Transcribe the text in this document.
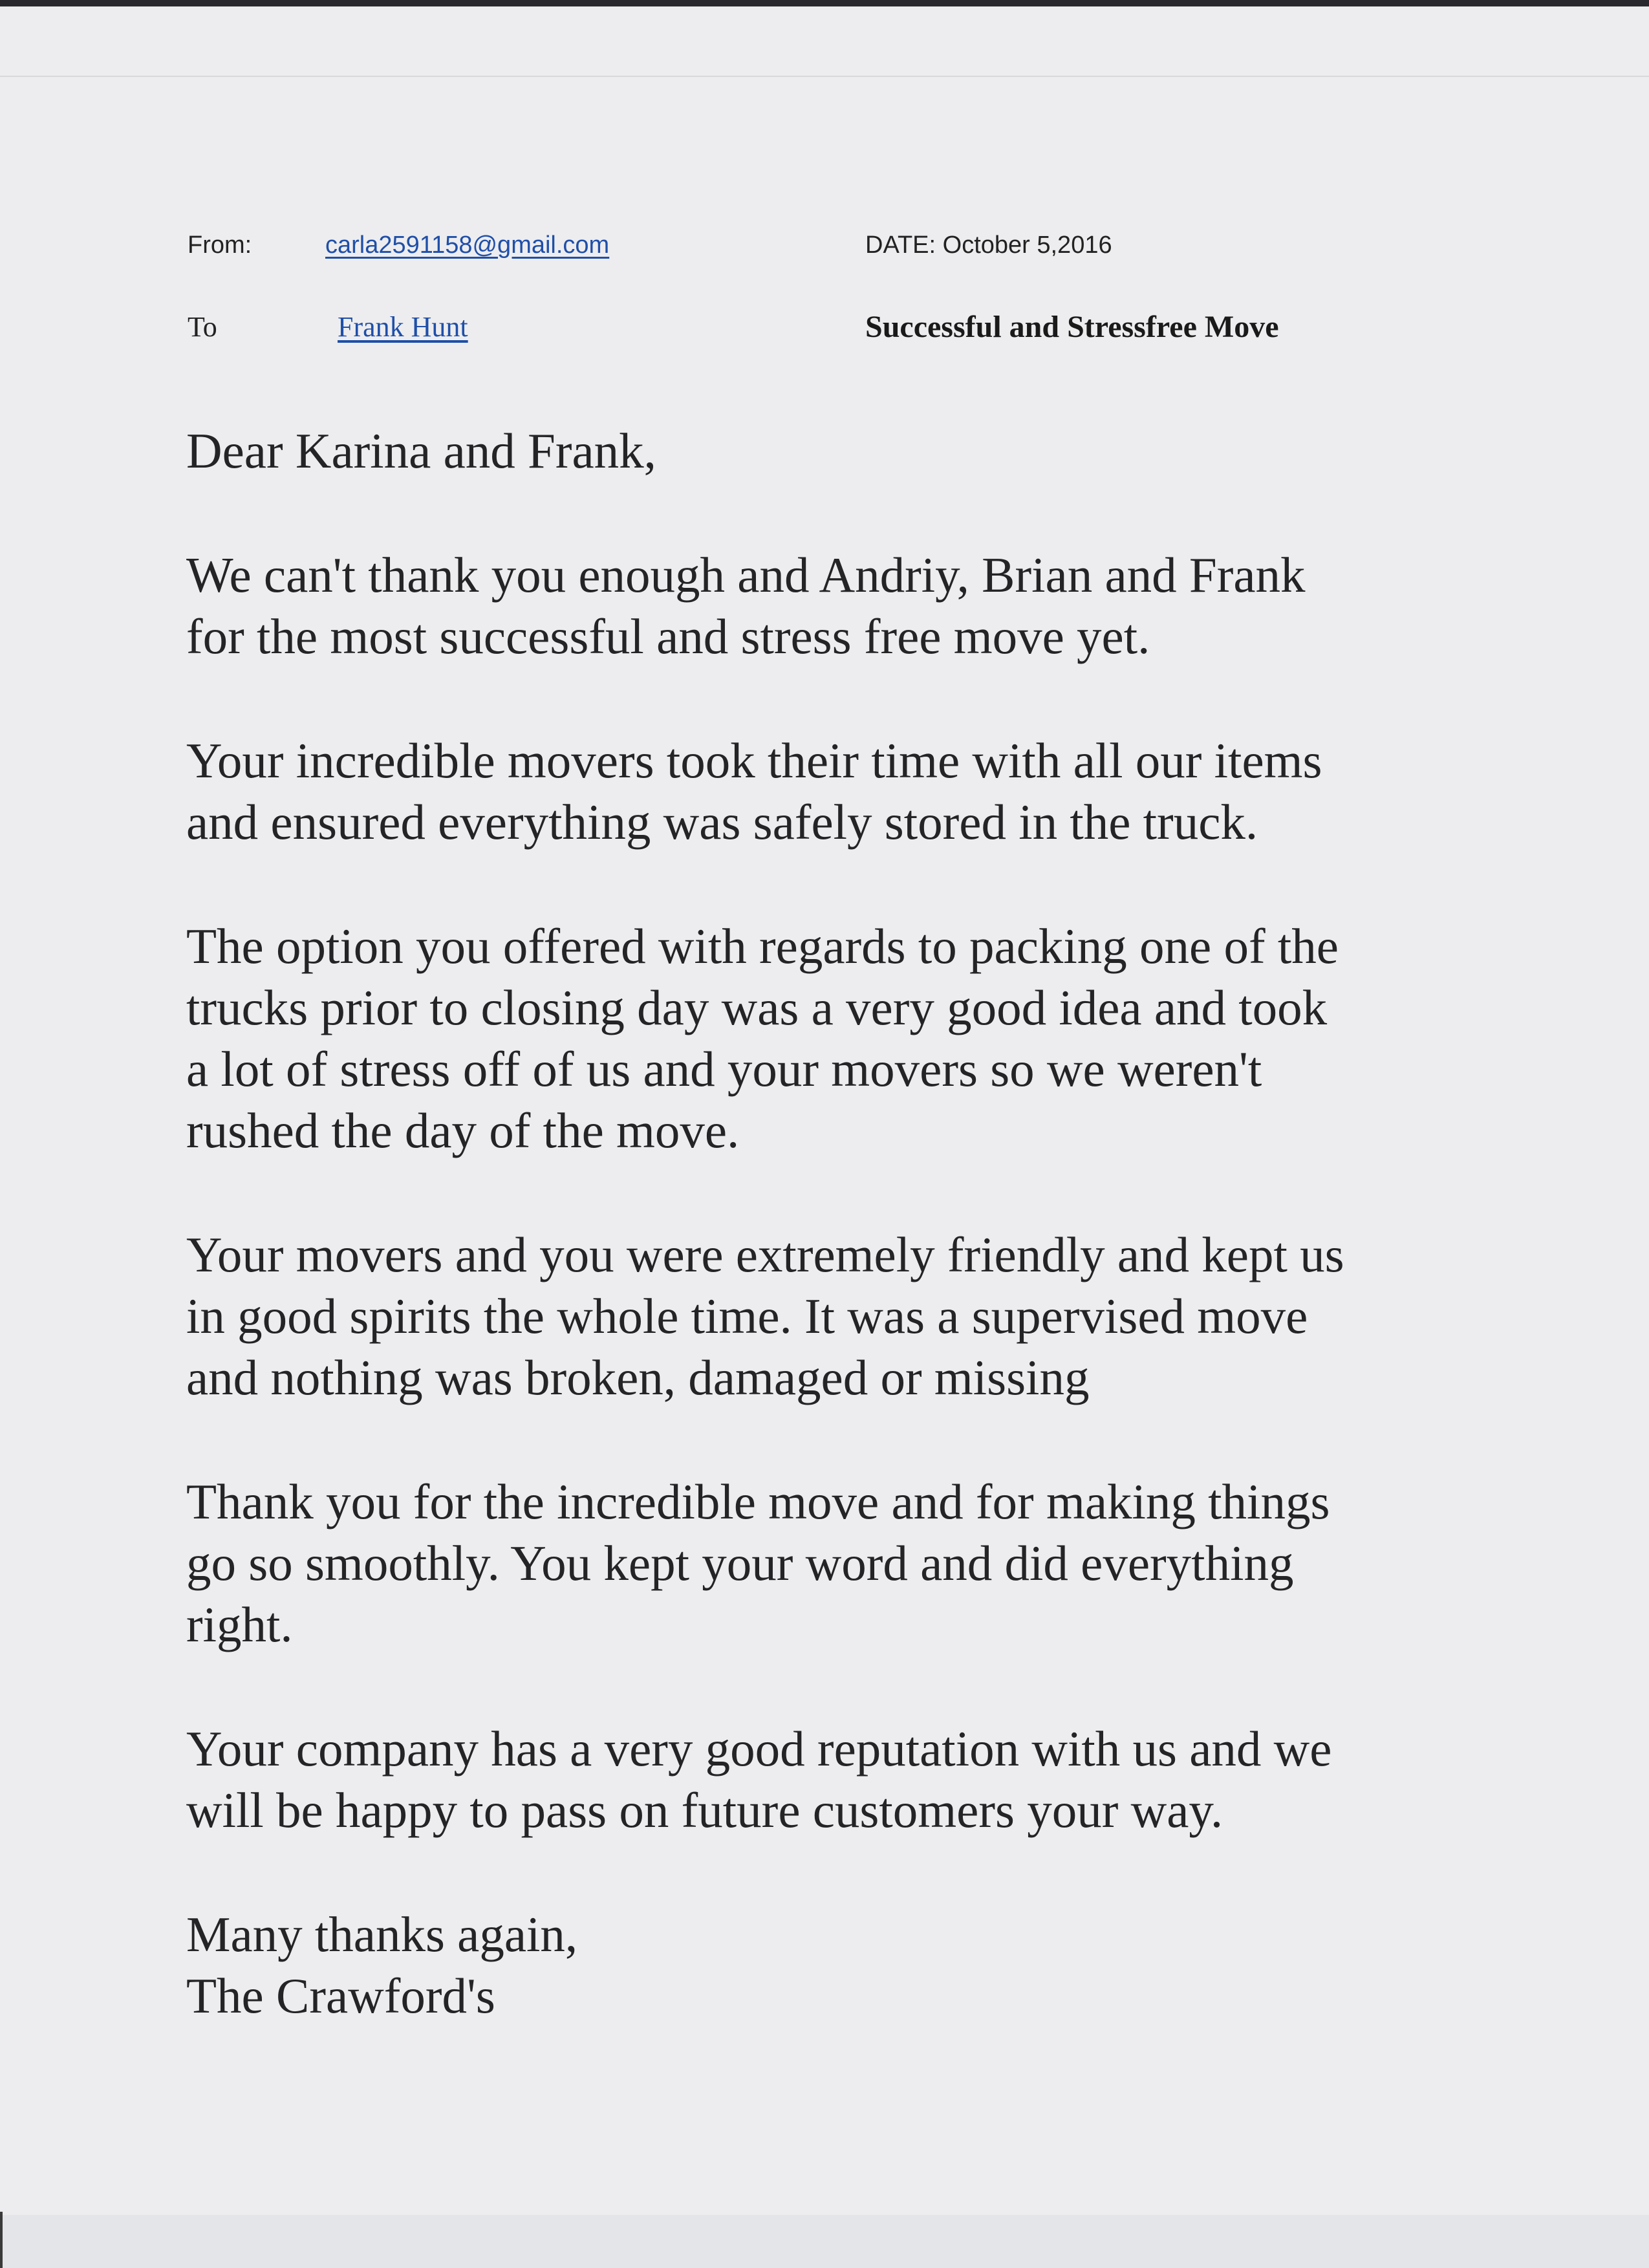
From:	carla2591158@gmail.com	DATE: October 5,2016
To	Frank Hunt	Successful and Stressfree Move

Dear Karina and Frank,

We can't thank you enough and Andriy, Brian and Frank
for the most successful and stress free move yet.

Your incredible movers took their time with all our items
and ensured everything was safely stored in the truck.

The option you offered with regards to packing one of the
trucks prior to closing day was a very good idea and took
a lot of stress off of us and your movers so we weren't
rushed the day of the move.

Your movers and you were extremely friendly and kept us
in good spirits the whole time. It was a supervised move
and nothing was broken, damaged or missing

Thank you for the incredible move and for making things
go so smoothly. You kept your word and did everything
right.

Your company has a very good reputation with us and we
will be happy to pass on future customers your way.

Many thanks again,
The Crawford's
